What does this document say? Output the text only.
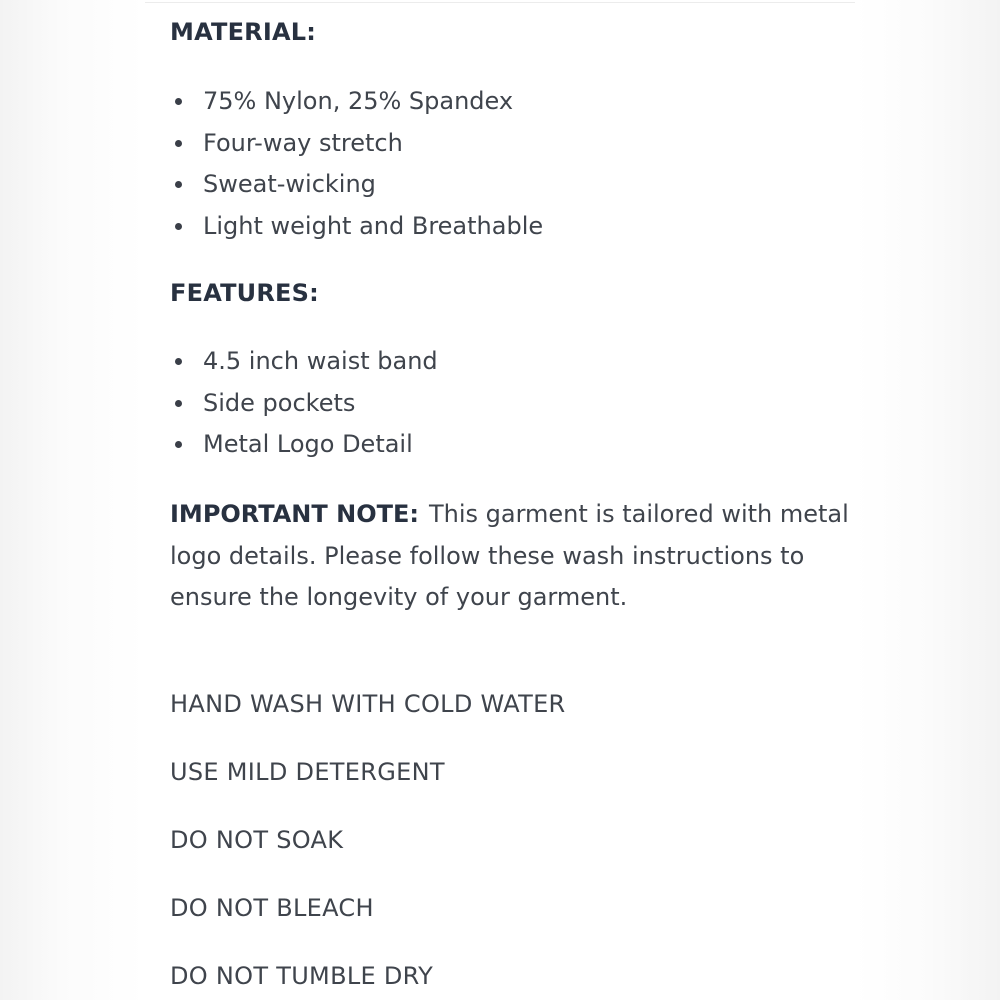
MATERIAL:
75% Nylon, 25% Spandex
Four-way stretch
Sweat-wicking
Light weight and Breathable
FEATURES:
4.5 inch waist band
Side pockets
Metal Logo Detail

IMPORTANT NOTE: This garment is tailored with metal logo details. Please follow these wash instructions to ensure the longevity of your garment.

HAND WASH WITH COLD WATER

USE MILD DETERGENT

DO NOT SOAK

DO NOT BLEACH

DO NOT TUMBLE DRY
